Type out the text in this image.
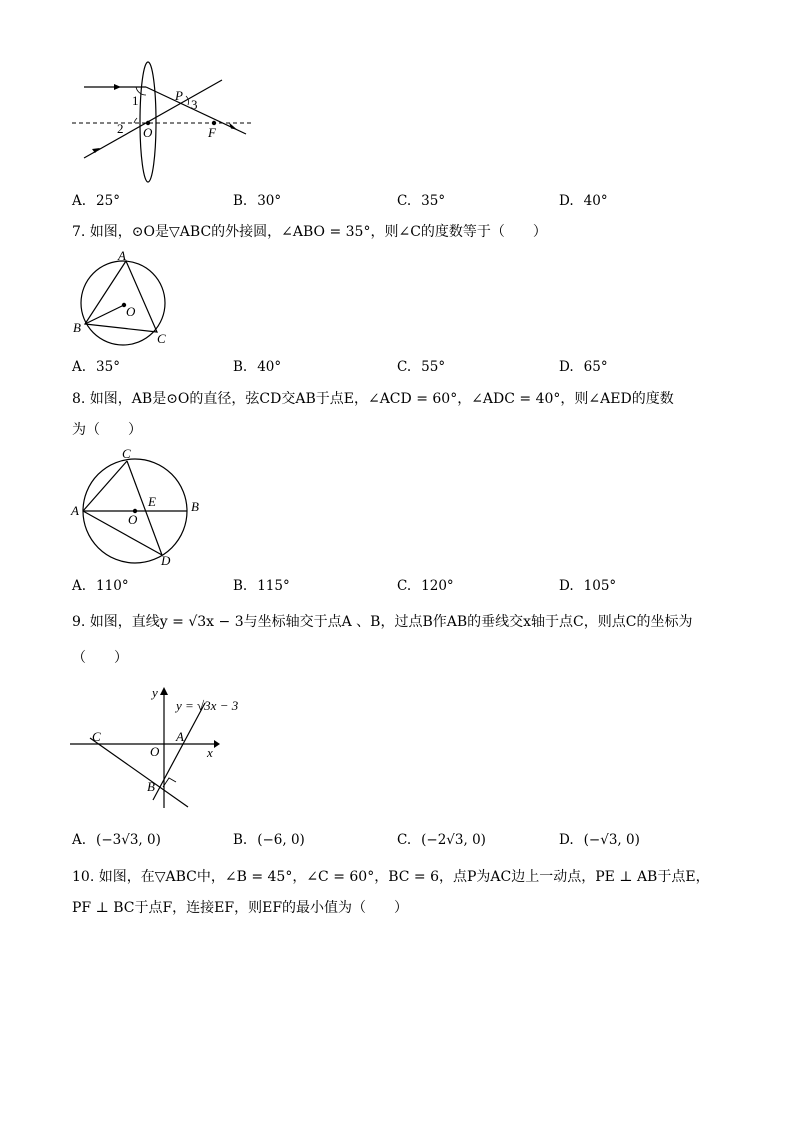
1
2
3
P
O	F
A. 25°	B. 30°	C. 35°	D. 40°
7. 如图，⊙O是▽ABC的外接圆，∠ABO = 35°，则∠C的度数等于（　　）
A
B
C
O
A. 35°	B. 40°	C. 55°	D. 65°
8. 如图，AB是⊙O的直径，弦CD交AB于点E，∠ACD = 60°，∠ADC = 40°，则∠AED的度数
为（　　）
A	B
C
D
E
O
A. 110°	B. 115°	C. 120°	D. 105°
9. 如图，直线y = √3x − 3与坐标轴交于点A 、B，过点B作AB的垂线交x轴于点C，则点C的坐标为
（　　）
y
x
y = √3x − 3
C
O
A
B
A. (−3√3, 0)	B. (−6, 0)	C. (−2√3, 0)	D. (−√3, 0)
10. 如图，在▽ABC中，∠B = 45°，∠C = 60°，BC = 6，点P为AC边上一动点，PE ⊥ AB于点E，
PF ⊥ BC于点F，连接EF，则EF的最小值为（　　）
